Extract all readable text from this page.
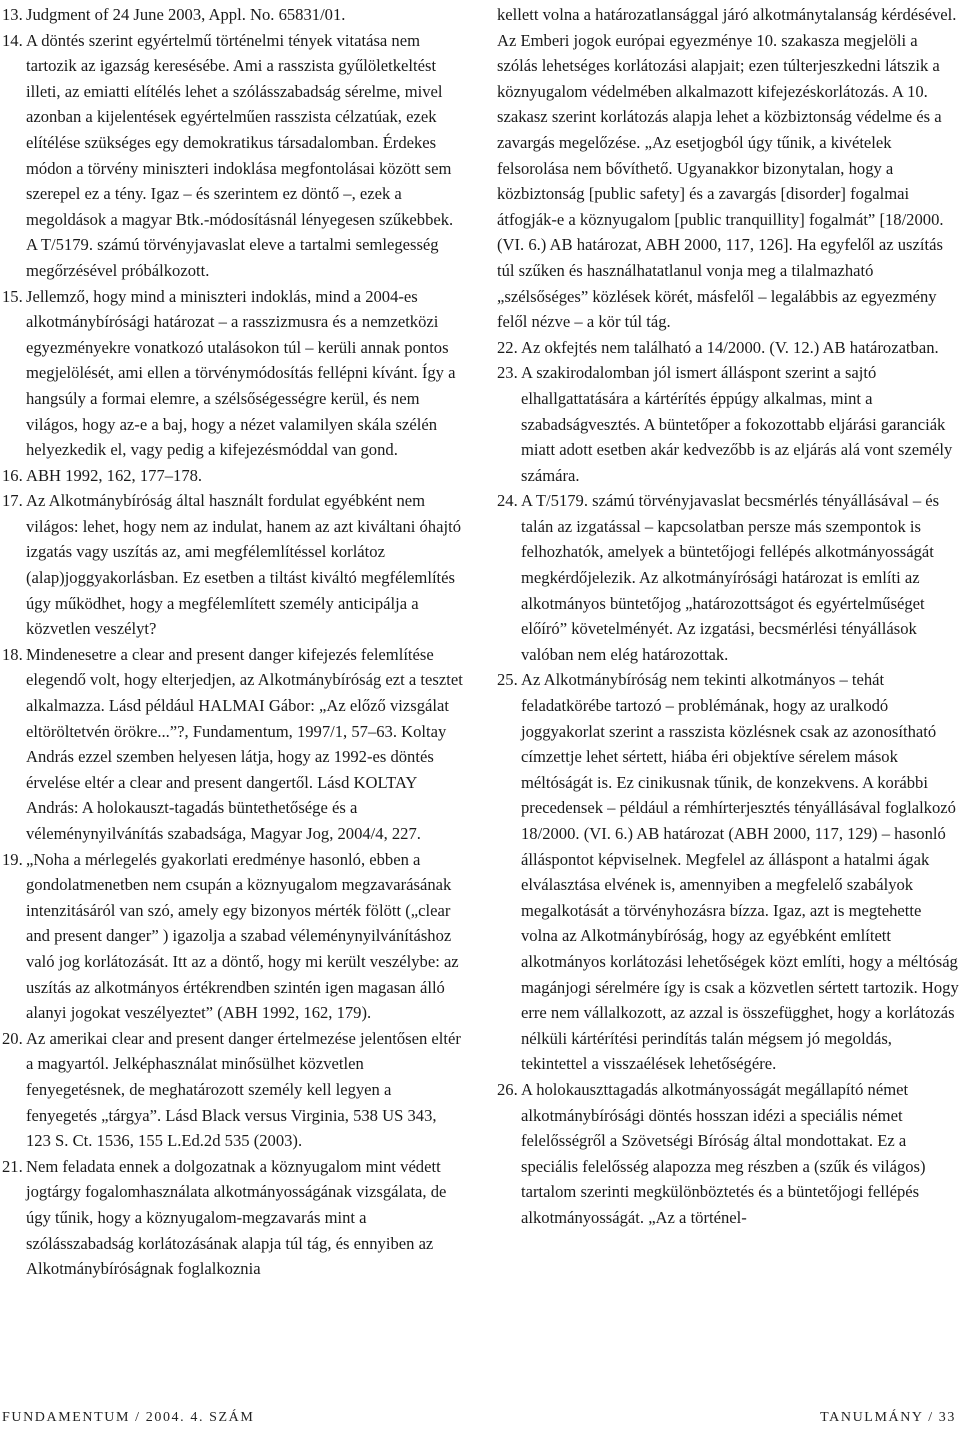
13. Judgment of 24 June 2003, Appl. No. 65831/01.
14. A döntés szerint egyértelmű történelmi tények vitatása nem tartozik az igazság keresésébe. Ami a rasszista gyűlöletkeltést illeti, az emiatti elítélés lehet a szólásszabadság sérelme, mivel azonban a kijelentések egyértelműen rasszista célzatúak, ezek elítélése szükséges egy demokratikus társadalomban. Érdekes módon a törvény miniszteri indoklása megfontolásai között sem szerepel ez a tény. Igaz – és szerintem ez döntő –, ezek a megoldások a magyar Btk.-módosításnál lényegesen szűkebbek. A T/5179. számú törvényjavaslat eleve a tartalmi semlegesség megőrzésével próbálkozott.
15. Jellemző, hogy mind a miniszteri indoklás, mind a 2004-es alkotmánybírósági határozat – a rasszizmusra és a nemzetközi egyezményekre vonatkozó utalásokon túl – kerüli annak pontos megjelölését, ami ellen a törvénymódosítás fellépni kívánt. Így a hangsúly a formai elemre, a szélsőségességre kerül, és nem világos, hogy az-e a baj, hogy a nézet valamilyen skála szélén helyezkedik el, vagy pedig a kifejezésmóddal van gond.
16. ABH 1992, 162, 177–178.
17. Az Alkotmánybíróság által használt fordulat egyébként nem világos: lehet, hogy nem az indulat, hanem az azt kiváltani óhajtó izgatás vagy uszítás az, ami megfélemlítéssel korlátoz (alap)joggyakorlásban. Ez esetben a tiltást kiváltó megfélemlítés úgy működhet, hogy a megfélemlített személy anticipálja a közvetlen veszélyt?
18. Mindenesetre a clear and present danger kifejezés felemlítése elegendő volt, hogy elterjedjen, az Alkotmánybíróság ezt a tesztet alkalmazza. Lásd például HALMAI Gábor: „Az előző vizsgálat eltöröltetvén örökre...”?, Fundamentum, 1997/1, 57–63. Koltay András ezzel szemben helyesen látja, hogy az 1992-es döntés érvelése eltér a clear and present dangertől. Lásd KOLTAY András: A holokauszt-tagadás büntethetősége és a véleménynyilvánítás szabadsága, Magyar Jog, 2004/4, 227.
19. „Noha a mérlegelés gyakorlati eredménye hasonló, ebben a gondolatmenetben nem csupán a köznyugalom megzavarásának intenzitásáról van szó, amely egy bizonyos mérték fölött („clear and present danger” ) igazolja a szabad véleménynyilvánításhoz való jog korlátozását. Itt az a döntő, hogy mi került veszélybe: az uszítás az alkotmányos értékrendben szintén igen magasan álló alanyi jogokat veszélyeztet” (ABH 1992, 162, 179).
20. Az amerikai clear and present danger értelmezése jelentősen eltér a magyartól. Jelképhasználat minősülhet közvetlen fenyegetésnek, de meghatározott személy kell legyen a fenyegetés „tárgya”. Lásd Black versus Virginia, 538 US 343, 123 S. Ct. 1536, 155 L.Ed.2d 535 (2003).
21. Nem feladata ennek a dolgozatnak a köznyugalom mint védett jogtárgy fogalomhasználata alkotmányosságának vizsgálata, de úgy tűnik, hogy a köznyugalom-megzavarás mint a szólásszabadság korlátozásának alapja túl tág, és ennyiben az Alkotmánybíróságnak foglalkoznia
kellett volna a határozatlansággal járó alkotmánytalanság kérdésével. Az Emberi jogok európai egyezménye 10. szakasza megjelöli a szólás lehetséges korlátozási alapjait; ezen túlterjeszkedni látszik a köznyugalom védelmében alkalmazott kifejezéskorlátozás. A 10. szakasz szerint korlátozás alapja lehet a közbiztonság védelme és a zavargás megelőzése. „Az esetjogból úgy tűnik, a kivételek felsorolása nem bővíthető. Ugyanakkor bizonytalan, hogy a közbiztonság [public safety] és a zavargás [disorder] fogalmai átfogják-e a köznyugalom [public tranquillity] fogalmát” [18/2000. (VI. 6.) AB határozat, ABH 2000, 117, 126]. Ha egyfelől az uszítás túl szűken és használhatatlanul vonja meg a tilalmazható „szélsőséges” közlések körét, másfelől – legalábbis az egyezmény felől nézve – a kör túl tág.
22. Az okfejtés nem található a 14/2000. (V. 12.) AB határozatban.
23. A szakirodalomban jól ismert álláspont szerint a sajtó elhallgattatására a kártérítés éppúgy alkalmas, mint a szabadságvesztés. A büntetőper a fokozottabb eljárási garanciák miatt adott esetben akár kedvezőbb is az eljárás alá vont személy számára.
24. A T/5179. számú törvényjavaslat becsmérlés tényállásával – és talán az izgatással – kapcsolatban persze más szempontok is felhozhatók, amelyek a büntetőjogi fellépés alkotmányosságát megkérdőjelezik. Az alkotmányírósági határozat is említi az alkotmányos büntetőjog „határozottságot és egyértelműséget előíró” követelményét. Az izgatási, becsmérlési tényállások valóban nem elég határozottak.
25. Az Alkotmánybíróság nem tekinti alkotmányos – tehát feladatkörébe tartozó – problémának, hogy az uralkodó joggyakorlat szerint a rasszista közlésnek csak az azonosítható címzettje lehet sértett, hiába éri objektíve sérelem mások méltóságát is. Ez cinikusnak tűnik, de konzekvens. A korábbi precedensek – például a rémhírterjesztés tényállásával foglalkozó 18/2000. (VI. 6.) AB határozat (ABH 2000, 117, 129) – hasonló álláspontot képviselnek. Megfelel az álláspont a hatalmi ágak elválasztása elvének is, amennyiben a megfelelő szabályok megalkotását a törvényhozásra bízza. Igaz, azt is megtehette volna az Alkotmánybíróság, hogy az egyébként említett alkotmányos korlátozási lehetőségek közt említi, hogy a méltóság magánjogi sérelmére így is csak a közvetlen sértett tartozik. Hogy erre nem vállalkozott, az azzal is összefügghet, hogy a korlátozás nélküli kártérítési perindítás talán mégsem jó megoldás, tekintettel a visszaélések lehetőségére.
26. A holokauszttagadás alkotmányosságát megállapító német alkotmánybírósági döntés hosszan idézi a speciális német felelősségről a Szövetségi Bíróság által mondottakat. Ez a speciális felelősség alapozza meg részben a (szűk és világos) tartalom szerinti megkülönböztetés és a büntetőjogi fellépés alkotmányosságát. „Az a történel-
FUNDAMENTUM / 2004. 4. SZÁM	TANULMÁNY / 33
